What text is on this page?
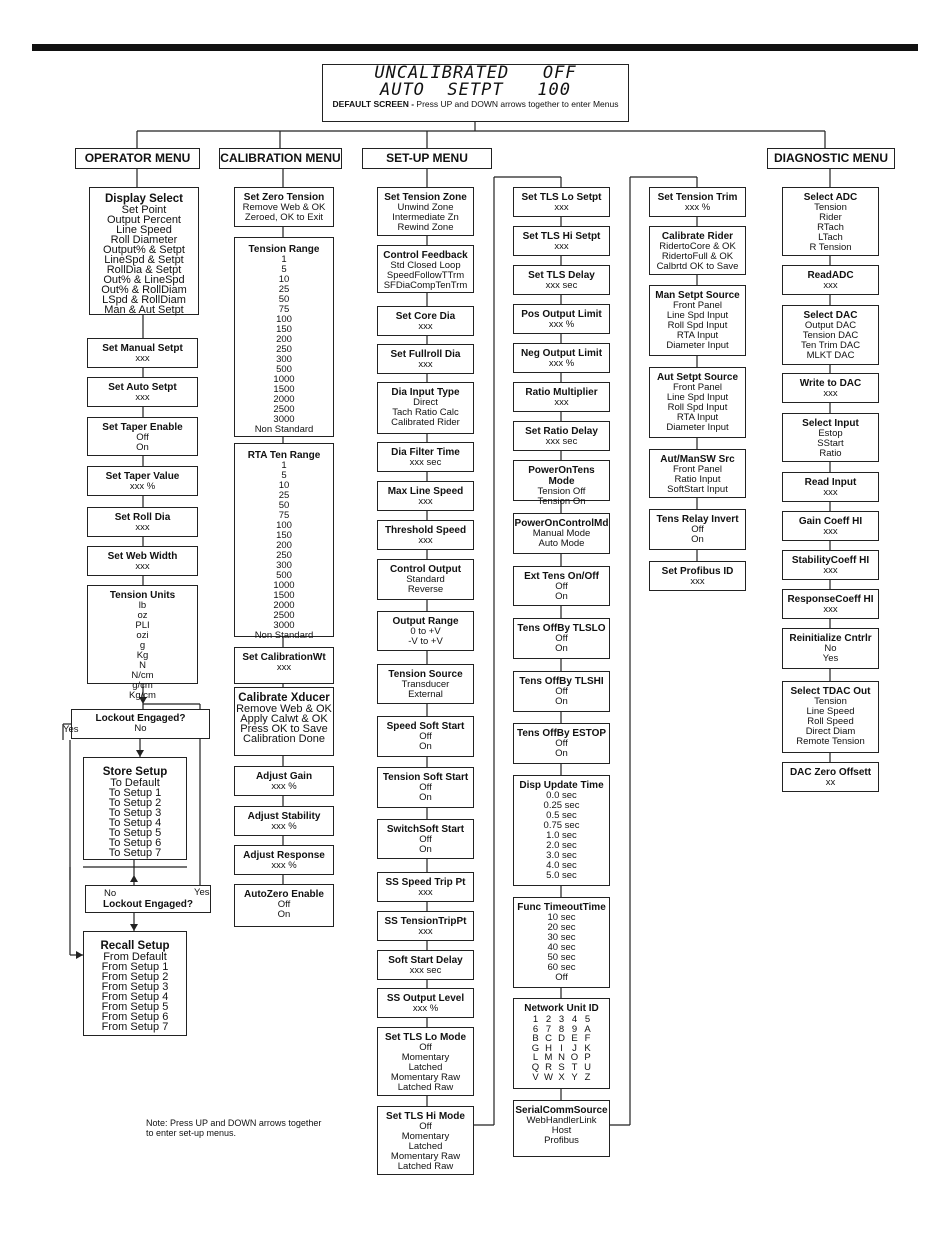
UNCALIBRATED OFF
AUTO SETPT 100
DEFAULT SCREEN - Press UP and DOWN arrows together to enter Menus
OPERATOR MENU	CALIBRATION MENU	SET-UP MENU	DIAGNOSTIC MENU
Display Select
Set Point
Output Percent
Line Speed
Roll Diameter
Output% & Setpt
LineSpd & Setpt
RollDia & Setpt
Out% & LineSpd
Out% & RollDiam
LSpd & RollDiam
Man & Aut Setpt
Set Manual Setpt
xxx
Set Auto Setpt
xxx
Set Taper Enable
Off
On
Set Taper Value
xxx %
Set Roll Dia
xxx
Set Web Width
xxx
Tension Units
lb
oz
PLI
ozi
g
Kg
N
N/cm
g/cm
Kg/cm
Lockout Engaged?
No
Store Setup
To Default
To Setup 1
To Setup 2
To Setup 3
To Setup 4
To Setup 5
To Setup 6
To Setup 7
No
Lockout Engaged?
Recall Setup
From Default
From Setup 1
From Setup 2
From Setup 3
From Setup 4
From Setup 5
From Setup 6
From Setup 7
Set Zero Tension
Remove Web & OK
Zeroed, OK to Exit
Tension Range
1
5
10
25
50
75
100
150
200
250
300
500
1000
1500
2000
2500
3000
Non Standard
RTA Ten Range
1
5
10
25
50
75
100
150
200
250
300
500
1000
1500
2000
2500
3000
Non Standard
Set CalibrationWt
xxx
Calibrate Xducer
Remove Web & OK
Apply Calwt & OK
Press OK to Save
Calibration Done
Adjust Gain
xxx %
Adjust Stability
xxx %
Adjust Response
xxx %
AutoZero Enable
Off
On
Set Tension Zone
Unwind Zone
Intermediate Zn
Rewind Zone
Control Feedback
Std Closed Loop
SpeedFollowTTrm
SFDiaCompTenTrm
Set Core Dia
xxx
Set Fullroll Dia
xxx
Dia Input Type
Direct
Tach Ratio Calc
Calibrated Rider
Dia Filter Time
xxx sec
Max Line Speed
xxx
Threshold Speed
xxx
Control Output
Standard
Reverse
Output Range
0 to +V
-V to +V
Tension Source
Transducer
External
Speed Soft Start
Off
On
Tension Soft Start
Off
On
SwitchSoft Start
Off
On
SS Speed Trip Pt
xxx
SS TensionTripPt
xxx
Soft Start Delay
xxx sec
SS Output Level
xxx %
Set TLS Lo Mode
Off
Momentary
Latched
Momentary Raw
Latched Raw
Set TLS Hi Mode
Off
Momentary
Latched
Momentary Raw
Latched Raw
Set TLS Lo Setpt
xxx
Set TLS Hi Setpt
xxx
Set TLS Delay
xxx sec
Pos Output Limit
xxx %
Neg Output Limit
xxx %
Ratio Multiplier
xxx
Set Ratio Delay
xxx sec
PowerOnTens Mode
Tension Off
Tension On
PowerOnControlMd
Manual Mode
Auto Mode
Ext Tens On/Off
Off
On
Tens OffBy TLSLO
Off
On
Tens OffBy TLSHI
Off
On
Tens OffBy ESTOP
Off
On
Disp Update Time
0.0 sec
0.25 sec
0.5 sec
0.75 sec
1.0 sec
2.0 sec
3.0 sec
4.0 sec
5.0 sec
Func TimeoutTime
10 sec
20 sec
30 sec
40 sec
50 sec
60 sec
Off
Network Unit ID
1 2 3 4 5
6 7 8 9 A
B C D E F
G H I J K
L M N O P
Q R S T U
V W X Y Z
SerialCommSource
WebHandlerLink
Host
Profibus
Set Tension Trim
xxx %
Calibrate Rider
RidertoCore & OK
RidertoFull & OK
Calbrtd OK to Save
Man Setpt Source
Front Panel
Line Spd Input
Roll Spd Input
RTA Input
Diameter Input
Aut Setpt Source
Front Panel
Line Spd Input
Roll Spd Input
RTA Input
Diameter Input
Aut/ManSW Src
Front Panel
Ratio Input
SoftStart Input
Tens Relay Invert
Off
On
Set Profibus ID
xxx
Select ADC
Tension
Rider
RTach
LTach
R Tension
ReadADC
xxx
Select DAC
Output DAC
Tension DAC
Ten Trim DAC
MLKT DAC
Write to DAC
xxx
Select Input
Estop
SStart
Ratio
Read Input
xxx
Gain Coeff HI
xxx
StabilityCoeff HI
xxx
ResponseCoeff HI
xxx
Reinitialize Cntrlr
No
Yes
Select TDAC Out
Tension
Line Speed
Roll Speed
Direct Diam
Remote Tension
DAC Zero Offsett
xx
Yes
Yes
Note: Press UP and DOWN arrows together
to enter set-up menus.
